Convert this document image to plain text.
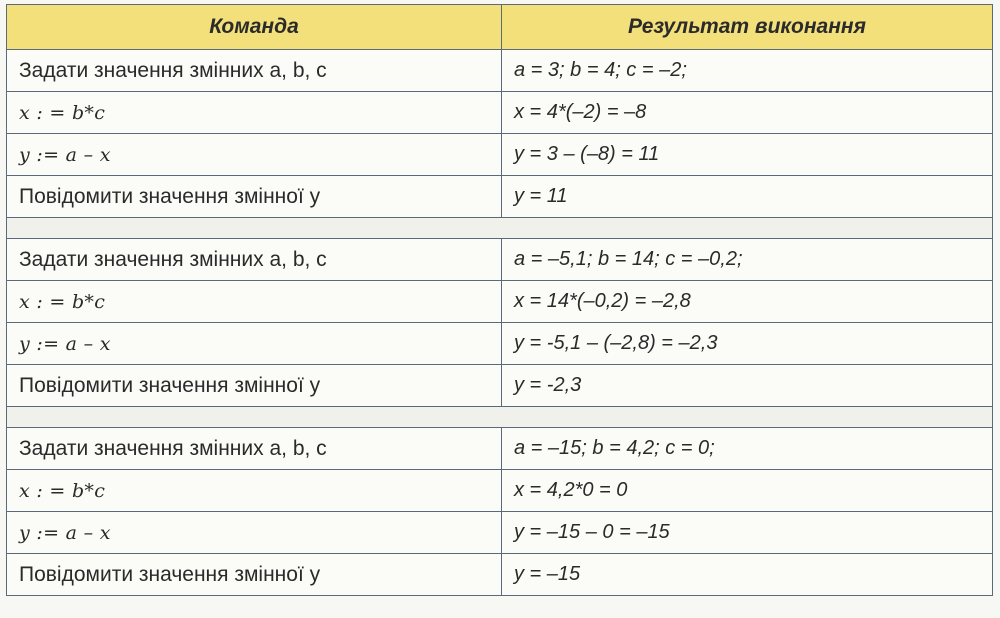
Команда	Результат виконання
Задати значення змінних a, b, c	a = 3; b = 4; c = –2;
x : = b*c	x = 4*(–2) = –8
y := a – x	y = 3 – (–8) = 11
Повідомити значення змінної y	y = 11

Задати значення змінних a, b, c	a = –5,1; b = 14; c = –0,2;
x : = b*c	x = 14*(–0,2) = –2,8
y := a – x	y = -5,1 – (–2,8) = –2,3
Повідомити значення змінної y	y = -2,3

Задати значення змінних a, b, c	a = –15; b = 4,2; c = 0;
x : = b*c	x = 4,2*0 = 0
y := a – x	y = –15 – 0 = –15
Повідомити значення змінної y	y = –15
